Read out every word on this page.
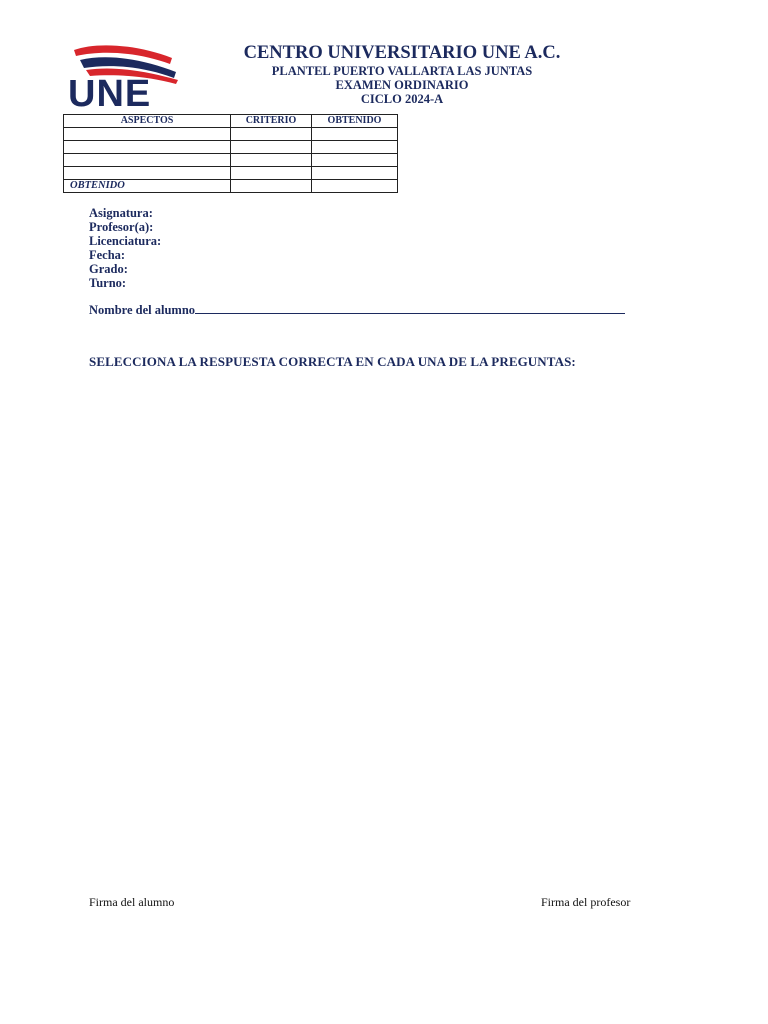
UNE
CENTRO UNIVERSITARIO UNE A.C.
PLANTEL PUERTO VALLARTA LAS JUNTAS
EXAMEN ORDINARIO
CICLO 2024-A
ASPECTOS	CRITERIO	OBTENIDO

OBTENIDO		
Asignatura:
Profesor(a):
Licenciatura:
Fecha:
Grado:
Turno:
Nombre del alumno
SELECCIONA LA RESPUESTA CORRECTA EN CADA UNA DE LA PREGUNTAS:
Firma del alumno	Firma del profesor
